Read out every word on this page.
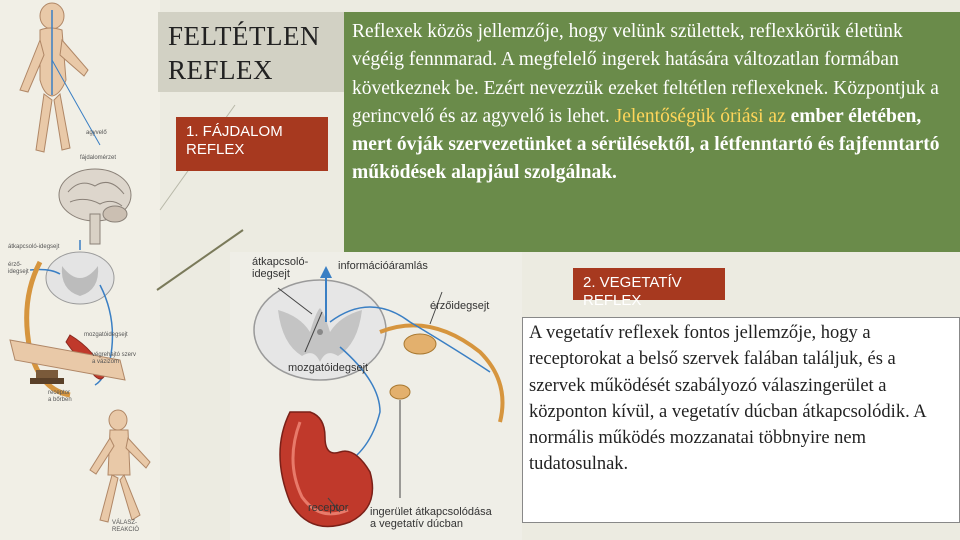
agyvelő
fájdalomérzet
átkapcsoló-idegsejt
érző-
idegsejt
mozgatóidegsejt
végrehajtó szerv
a vázizom
receptor
a bőrben
VÁLASZ-
REAKCIÓ
FELTÉTLEN
REFLEX
Reflexek közös jellemzője, hogy velünk születtek, reflexkörük életünk végéig fennmarad. A megfelelő ingerek hatására változatlan formában következnek be. Ezért nevezzük ezeket feltétlen reflexeknek. Központjuk a gerincvelő és az agyvelő is lehet. Jelentőségük óriási az ember életében, mert óvják szervezetünket a sérülésektől, a létfenntartó és fajfenntartó működések alapjául szolgálnak.
1. FÁJDALOM REFLEX
2. VEGETATÍV REFLEX
átkapcsoló-
idegsejt
információáramlás
érzőidegsejt
mozgatóidegsejt
receptor ingerület átkapcsolódása
a vegetatív dúcban
A vegetatív reflexek fontos jellemzője, hogy a receptorokat a belső szervek falában találjuk, és a szervek működését szabályozó válaszingerület a központon kívül, a vegetatív dúcban átkapcsolódik. A normális működés mozzanatai többnyire nem tudatosulnak.
